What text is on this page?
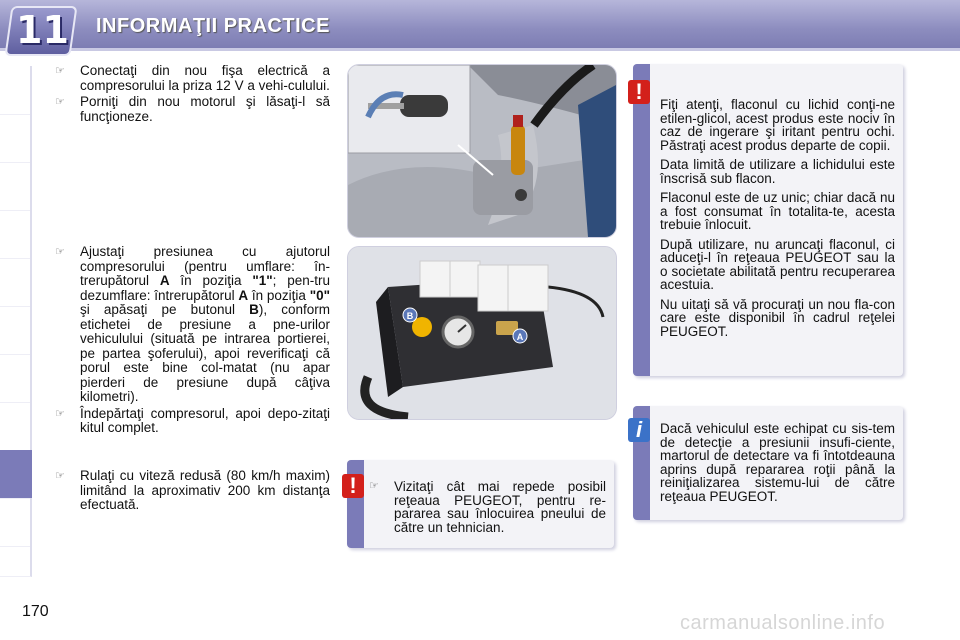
11 INFORMAŢII PRACTICE
☞ Conectaţi din nou fişa electrică a compresorului la priza 12 V a vehi-culului.
☞ Porniţi din nou motorul şi lăsaţi-l să funcţioneze.
☞ Ajustaţi presiunea cu ajutorul compresorului (pentru umflare: în-trerupătorul A în poziţia "1"; pen-tru dezumflare: întrerupătorul A în poziţia "0" şi apăsaţi pe butonul B), conform etichetei de presiune a pne-urilor vehiculului (situată pe intrarea portierei, pe partea şoferului), apoi reverificaţi că porul este bine col-matat (nu apar pierderi de presiune după câţiva kilometri).
☞ Îndepărtaţi compresorul, apoi depo-zitaţi kitul complet.
☞ Rulaţi cu viteză redusă (80 km/h maxim) limitând la aproximativ 200 km distanţa efectuată.
B
A

Fiţi atenţi, flaconul cu lichid conţi-ne etilen-glicol, acest produs este nociv în caz de ingerare şi iritant pentru ochi. Păstraţi acest produs departe de copii.

Data limită de utilizare a lichidului este înscrisă sub flacon.

Flaconul este de uz unic; chiar dacă nu a fost consumat în totalita-te, acesta trebuie înlocuit.

După utilizare, nu aruncaţi flaconul, ci aduceţi-l în reţeaua PEUGEOT sau la o societate abilitată pentru recuperarea acestuia.

Nu uitaţi să vă procuraţi un nou fla-con care este disponibil în cadrul reţelei PEUGEOT.

!
Dacă vehiculul este echipat cu sis-tem de detecţie a presiunii insufi-ciente, martorul de detectare va fi întotdeauna aprins după repararea roţii până la reiniţializarea sistemu-lui de către reţeaua PEUGEOT.
i
☞ Vizitaţi cât mai repede posibil reţeaua PEUGEOT, pentru re-pararea sau înlocuirea pneului de către un tehnician.
!
170
carmanualsonline.info
